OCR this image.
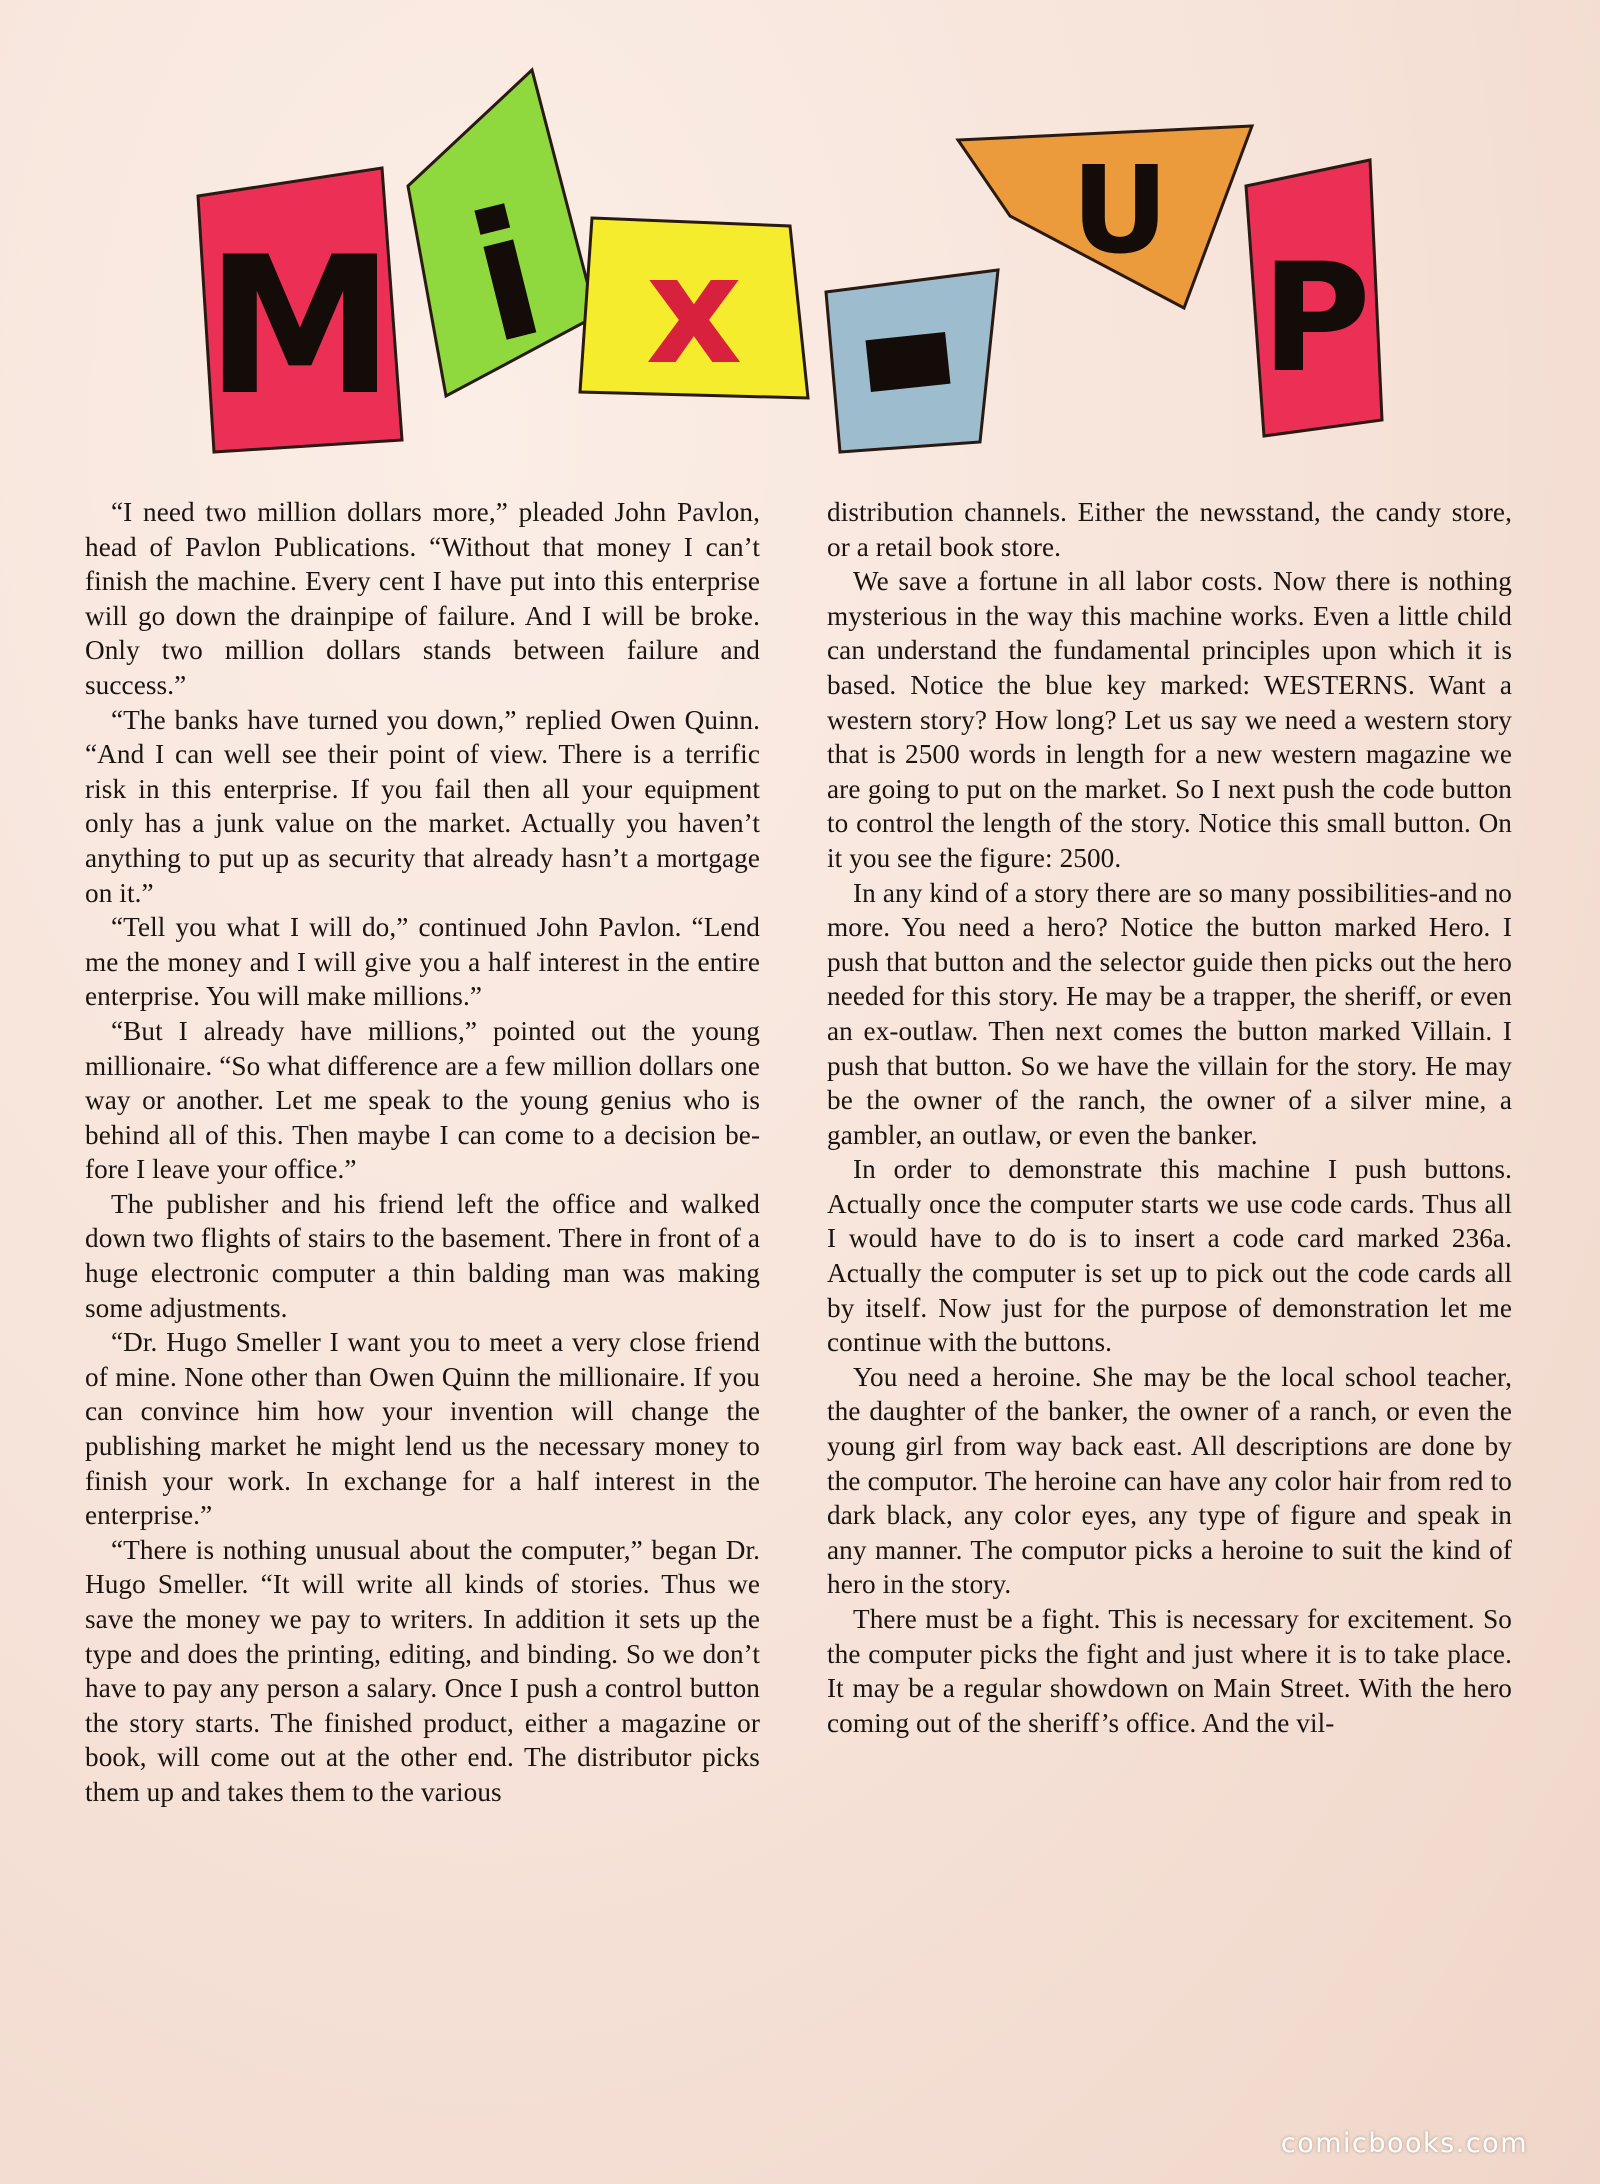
M i x
-
U
P

“I need two million dollars more,” pleaded John Pavlon, head of Pavlon Publications. “Without that money I can’t finish the machine. Every cent I have put into this enterprise will go down the drainpipe of failure. And I will be broke. Only two million dollars stands between failure and success.”

“The banks have turned you down,” replied Owen Quinn. “And I can well see their point of view. There is a terrific risk in this enterprise. If you fail then all your equipment only has a junk value on the market. Actually you haven’t anything to put up as security that already hasn’t a mortgage on it.”

“Tell you what I will do,” continued John Pavlon. “Lend me the money and I will give you a half interest in the entire enterprise. You will make millions.”

“But I already have millions,” pointed out the young millionaire. “So what difference are a few million dollars one way or another. Let me speak to the young genius who is behind all of this. Then maybe I can come to a decision before I leave your office.”

The publisher and his friend left the office and walked down two flights of stairs to the basement. There in front of a huge electronic computer a thin balding man was making some adjustments.

“Dr. Hugo Smeller I want you to meet a very close friend of mine. None other than Owen Quinn the millionaire. If you can convince him how your invention will change the publishing market he might lend us the necessary money to finish your work. In exchange for a half interest in the enterprise.”

“There is nothing unusual about the computer,” began Dr. Hugo Smeller. “It will write all kinds of stories. Thus we save the money we pay to writers. In addition it sets up the type and does the printing, editing, and binding. So we don’t have to pay any person a salary. Once I push a control button the story starts. The finished product, either a magazine or book, will come out at the other end. The distributor picks them up and takes them to the various

distribution channels. Either the newsstand, the candy store, or a retail book store.

We save a fortune in all labor costs. Now there is nothing mysterious in the way this machine works. Even a little child can understand the fundamental principles upon which it is based. Notice the blue key marked: WESTERNS. Want a western story? How long? Let us say we need a western story that is 2500 words in length for a new western magazine we are going to put on the market. So I next push the code button to control the length of the story. Notice this small button. On it you see the figure: 2500.

In any kind of a story there are so many possibilities-and no more. You need a hero? Notice the button marked Hero. I push that button and the selector guide then picks out the hero needed for this story. He may be a trapper, the sheriff, or even an ex-outlaw. Then next comes the button marked Villain. I push that button. So we have the villain for the story. He may be the owner of the ranch, the owner of a silver mine, a gambler, an outlaw, or even the banker.

In order to demonstrate this machine I push buttons. Actually once the computer starts we use code cards. Thus all I would have to do is to insert a code card marked 236a. Actually the computer is set up to pick out the code cards all by itself. Now just for the purpose of demonstration let me continue with the buttons.

You need a heroine. She may be the local school teacher, the daughter of the banker, the owner of a ranch, or even the young girl from way back east. All descriptions are done by the computor. The heroine can have any color hair from red to dark black, any color eyes, any type of figure and speak in any manner. The computor picks a heroine to suit the kind of hero in the story.

There must be a fight. This is necessary for excitement. So the computer picks the fight and just where it is to take place. It may be a regular showdown on Main Street. With the hero coming out of the sheriff’s office. And the vil-

comicbooks.com
